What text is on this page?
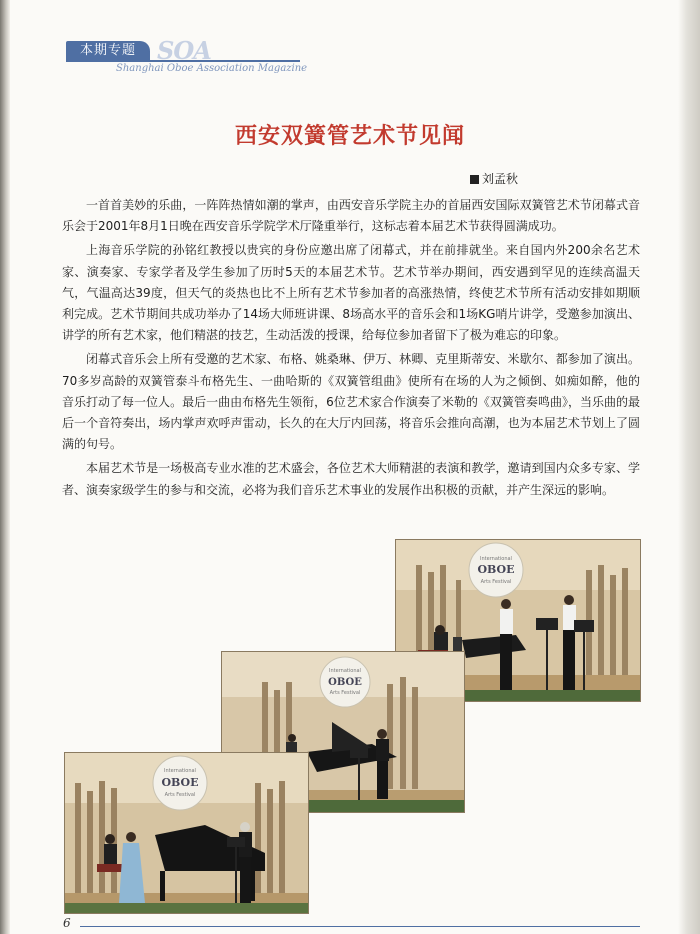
本期专题 SOA
Shanghai Oboe Association Magazine
西安双簧管艺术节见闻
刘孟秋

一首首美妙的乐曲，一阵阵热情如潮的掌声，由西安音乐学院主办的首届西安国际双簧管艺术节闭幕式音乐会于2001年8月1日晚在西安音乐学院学术厅隆重举行，这标志着本届艺术节获得圆满成功。

上海音乐学院的孙铭红教授以贵宾的身份应邀出席了闭幕式，并在前排就坐。来自国内外200余名艺术家、演奏家、专家学者及学生参加了历时5天的本届艺术节。艺术节举办期间，西安遇到罕见的连续高温天气，气温高达39度，但天气的炎热也比不上所有艺术节参加者的高涨热情，终使艺术节所有活动安排如期顺利完成。艺术节期间共成功举办了14场大师班讲课、8场高水平的音乐会和1场KG哨片讲学，受邀参加演出、讲学的所有艺术家，他们精湛的技艺，生动活泼的授课，给每位参加者留下了极为难忘的印象。

闭幕式音乐会上所有受邀的艺术家、布格、姚桑琳、伊万、林卿、克里斯蒂安、米歇尔、都参加了演出。70多岁高龄的双簧管泰斗布格先生、一曲哈斯的《双簧管组曲》使所有在场的人为之倾倒、如痴如醉，他的音乐打动了每一位人。最后一曲由布格先生领衔，6位艺术家合作演奏了米勒的《双簧管奏鸣曲》，当乐曲的最后一个音符奏出，场内掌声欢呼声雷动，长久的在大厅内回荡，将音乐会推向高潮，也为本届艺术节划上了圆满的句号。

本届艺术节是一场极高专业水准的艺术盛会，各位艺术大师精湛的表演和教学，邀请到国内众多专家、学者、演奏家级学生的参与和交流，必将为我们音乐艺术事业的发展作出积极的贡献，并产生深远的影响。

International
OBOE
Arts Festival
International
OBOE
Arts Festival
International
OBOE
Arts Festival
6
